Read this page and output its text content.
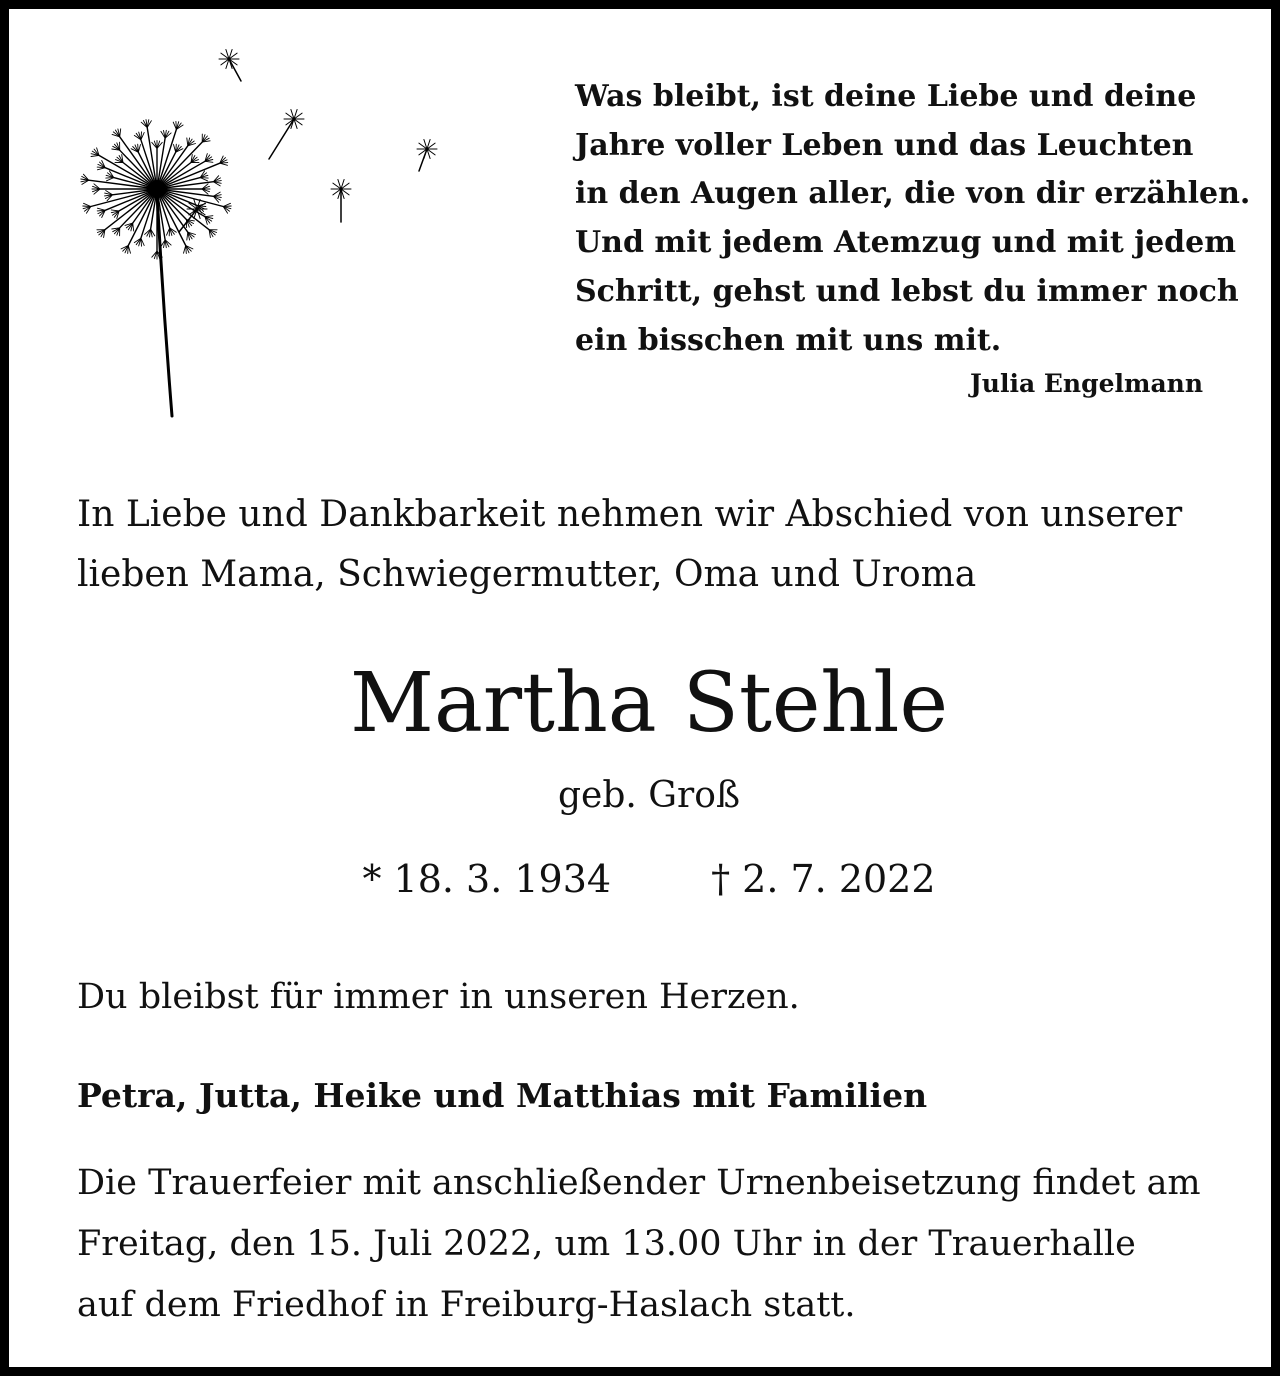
Was bleibt, ist deine Liebe und deine
Jahre voller Leben und das Leuchten
in den Augen aller, die von dir erzählen.
Und mit jedem Atemzug und mit jedem
Schritt, gehst und lebst du immer noch
ein bisschen mit uns mit.
Julia Engelmann
In Liebe und Dankbarkeit nehmen wir Abschied von unserer
lieben Mama, Schwiegermutter, Oma und Uroma
Martha Stehle
geb. Groß
* 18. 3. 1934	† 2. 7. 2022
Du bleibst für immer in unseren Herzen.
Petra, Jutta, Heike und Matthias mit Familien
Die Trauerfeier mit anschließender Urnenbeisetzung findet am
Freitag, den 15. Juli 2022, um 13.00 Uhr in der Trauerhalle
auf dem Friedhof in Freiburg-Haslach statt.
